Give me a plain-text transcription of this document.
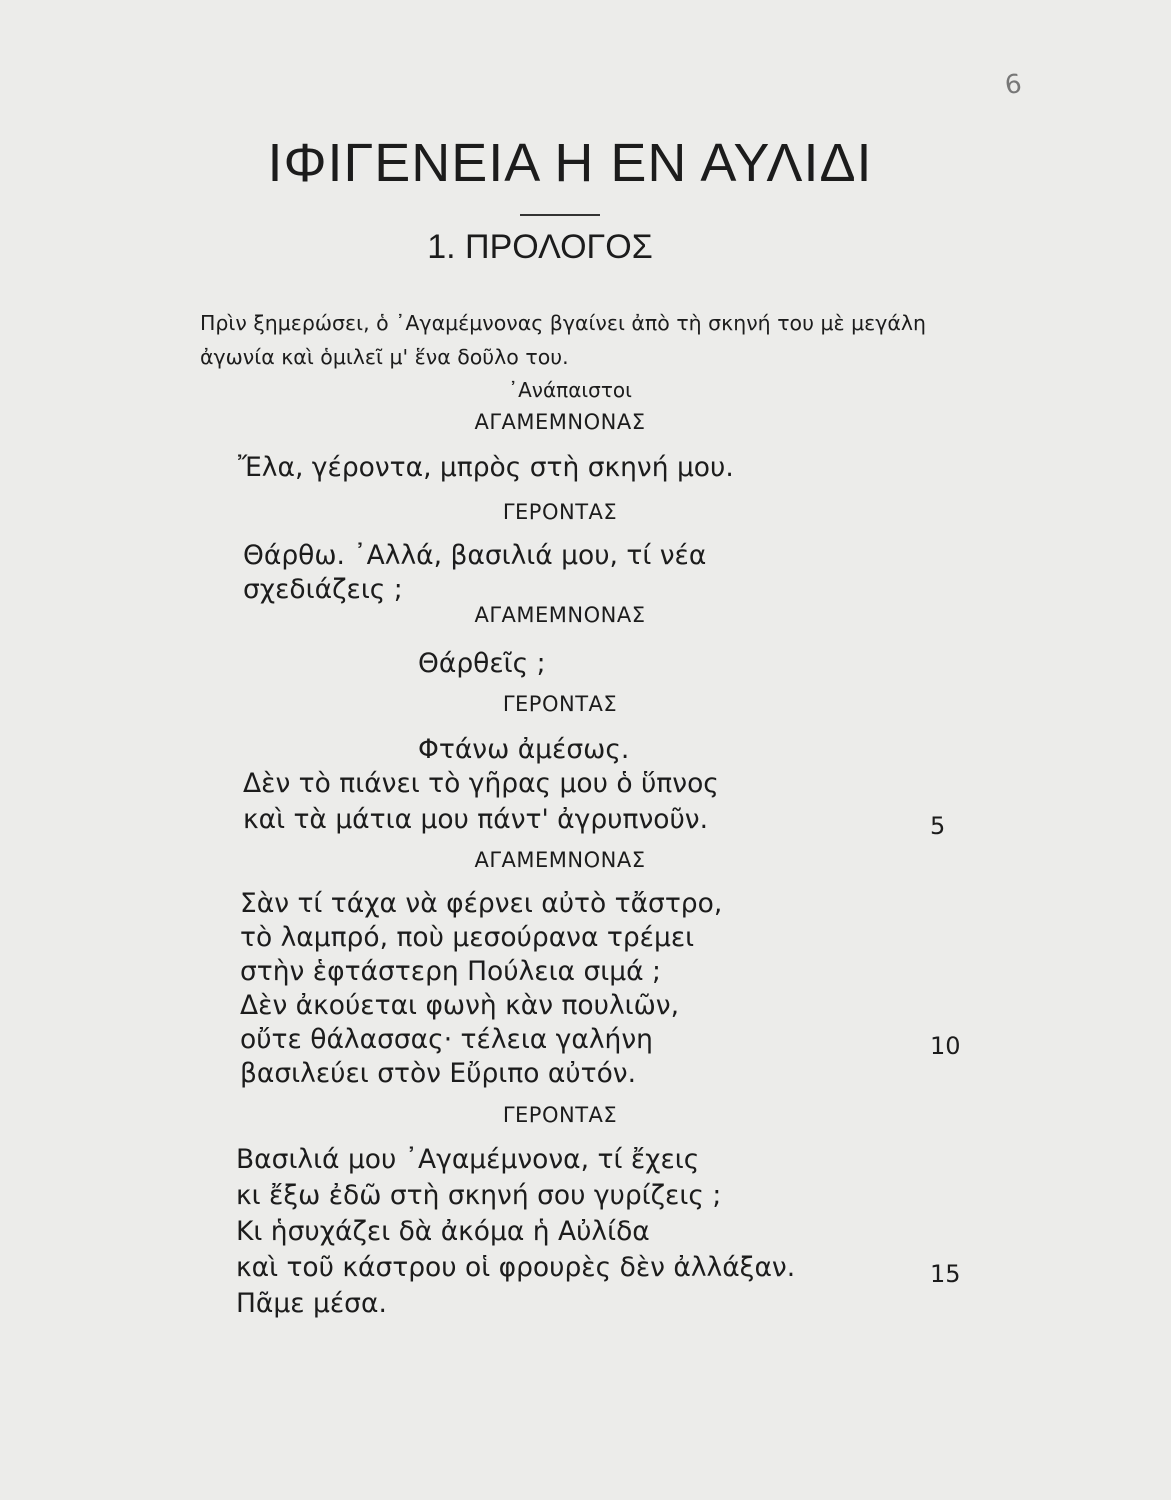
6
ΙΦΙΓΕΝΕΙΑ Η ΕΝ ΑΥΛΙΔΙ
1. ΠΡΟΛΟΓΟΣ
Πρὶν ξημερώσει, ὁ ᾿Αγαμέμνονας βγαίνει ἀπὸ τὴ σκηνή του μὲ μεγάλη ἀγωνία καὶ ὁμιλεῖ μ' ἕνα δοῦλο του.
᾿Ανάπαιστοι
ΑΓΑΜΕΜΝΟΝΑΣ
Ἔλα, γέροντα, μπρὸς στὴ σκηνή μου.
ΓΕΡΟΝΤΑΣ
Θάρθω. ᾿Αλλά, βασιλιά μου, τί νέα
σχεδιάζεις ;
ΑΓΑΜΕΜΝΟΝΑΣ
Θάρθεῖς ;
ΓΕΡΟΝΤΑΣ
Φτάνω ἀμέσως.
Δὲν τὸ πιάνει τὸ γῆρας μου ὁ ὕπνος
καὶ τὰ μάτια μου πάντ' ἀγρυπνοῦν.	5
ΑΓΑΜΕΜΝΟΝΑΣ
Σὰν τί τάχα νὰ φέρνει αὐτὸ τἄστρο,
τὸ λαμπρό, ποὺ μεσούρανα τρέμει
στὴν ἑφτάστερη Πούλεια σιμά ;
Δὲν ἀκούεται φωνὴ κὰν πουλιῶν,
οὔτε θάλασσας· τέλεια γαλήνη	10
βασιλεύει στὸν Εὔριπο αὐτόν.
ΓΕΡΟΝΤΑΣ
Βασιλιά μου ᾿Αγαμέμνονα, τί ἔχεις
κι ἔξω ἐδῶ στὴ σκηνή σου γυρίζεις ;
Κι ἡσυχάζει δὰ ἀκόμα ἡ Αὐλίδα
καὶ τοῦ κάστρου οἱ φρουρὲς δὲν ἀλλάξαν.	15
Πᾶμε μέσα.
